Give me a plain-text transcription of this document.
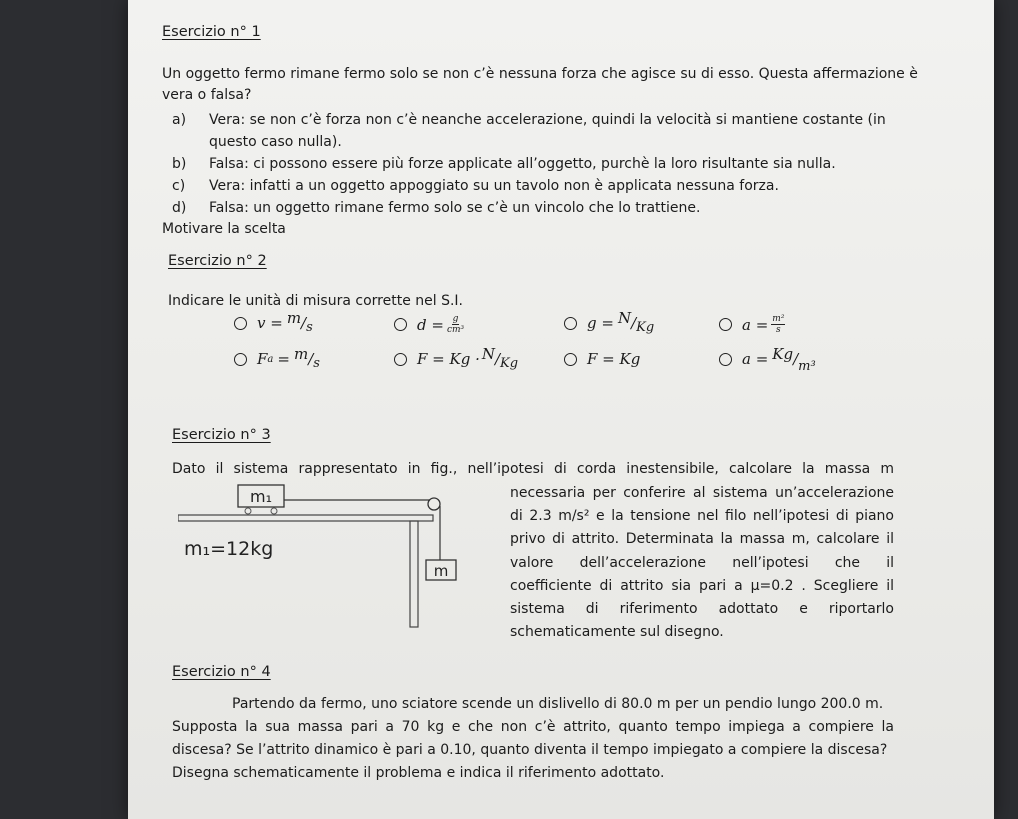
Esercizio n° 1
Un oggetto fermo rimane fermo solo se non c’è nessuna forza che agisce su di esso. Questa affermazione è
vera o falsa?
a) Vera: se non c’è forza non c’è neanche accelerazione, quindi la velocità si mantiene costante (in
questo caso nulla).
b) Falsa: ci possono essere più forze applicate all’oggetto, purchè la loro risultante sia nulla.
c) Vera: infatti a un oggetto appoggiato su un tavolo non è applicata nessuna forza.
d) Falsa: un oggetto rimane fermo solo se c’è un vincolo che lo trattiene.
Motivare la scelta
Esercizio n° 2
Indicare le unità di misura corrette nel S.I.
v = m/s	$d = \frac{g}{\text{cm³}}$	g = N/Kg	$a = \frac{\text{m²}}{s}$
F a = m/s	F = Kg · N/Kg	F = Kg	a = Kg/m³
Esercizio n° 3
Dato il sistema rappresentato in fig., nell’ipotesi di corda inestensibile, calcolare la massa m
necessaria per conferire al sistema un’accelerazione
di 2.3 m/s² e la tensione nel filo nell’ipotesi di piano
privo di attrito. Determinata la massa m, calcolare il
valore dell’accelerazione nell’ipotesi che il
coefficiente di attrito sia pari a μ=0.2 . Scegliere il
sistema di riferimento adottato e riportarlo
schematicamente sul disegno.
m₁
m₁=12kg
m
Esercizio n° 4
Partendo da fermo, uno sciatore scende un dislivello di 80.0 m per un pendio lungo 200.0 m.
Supposta la sua massa pari a 70 kg e che non c’è attrito, quanto tempo impiega a compiere la
discesa? Se l’attrito dinamico è pari a 0.10, quanto diventa il tempo impiegato a compiere la discesa?
Disegna schematicamente il problema e indica il riferimento adottato.
